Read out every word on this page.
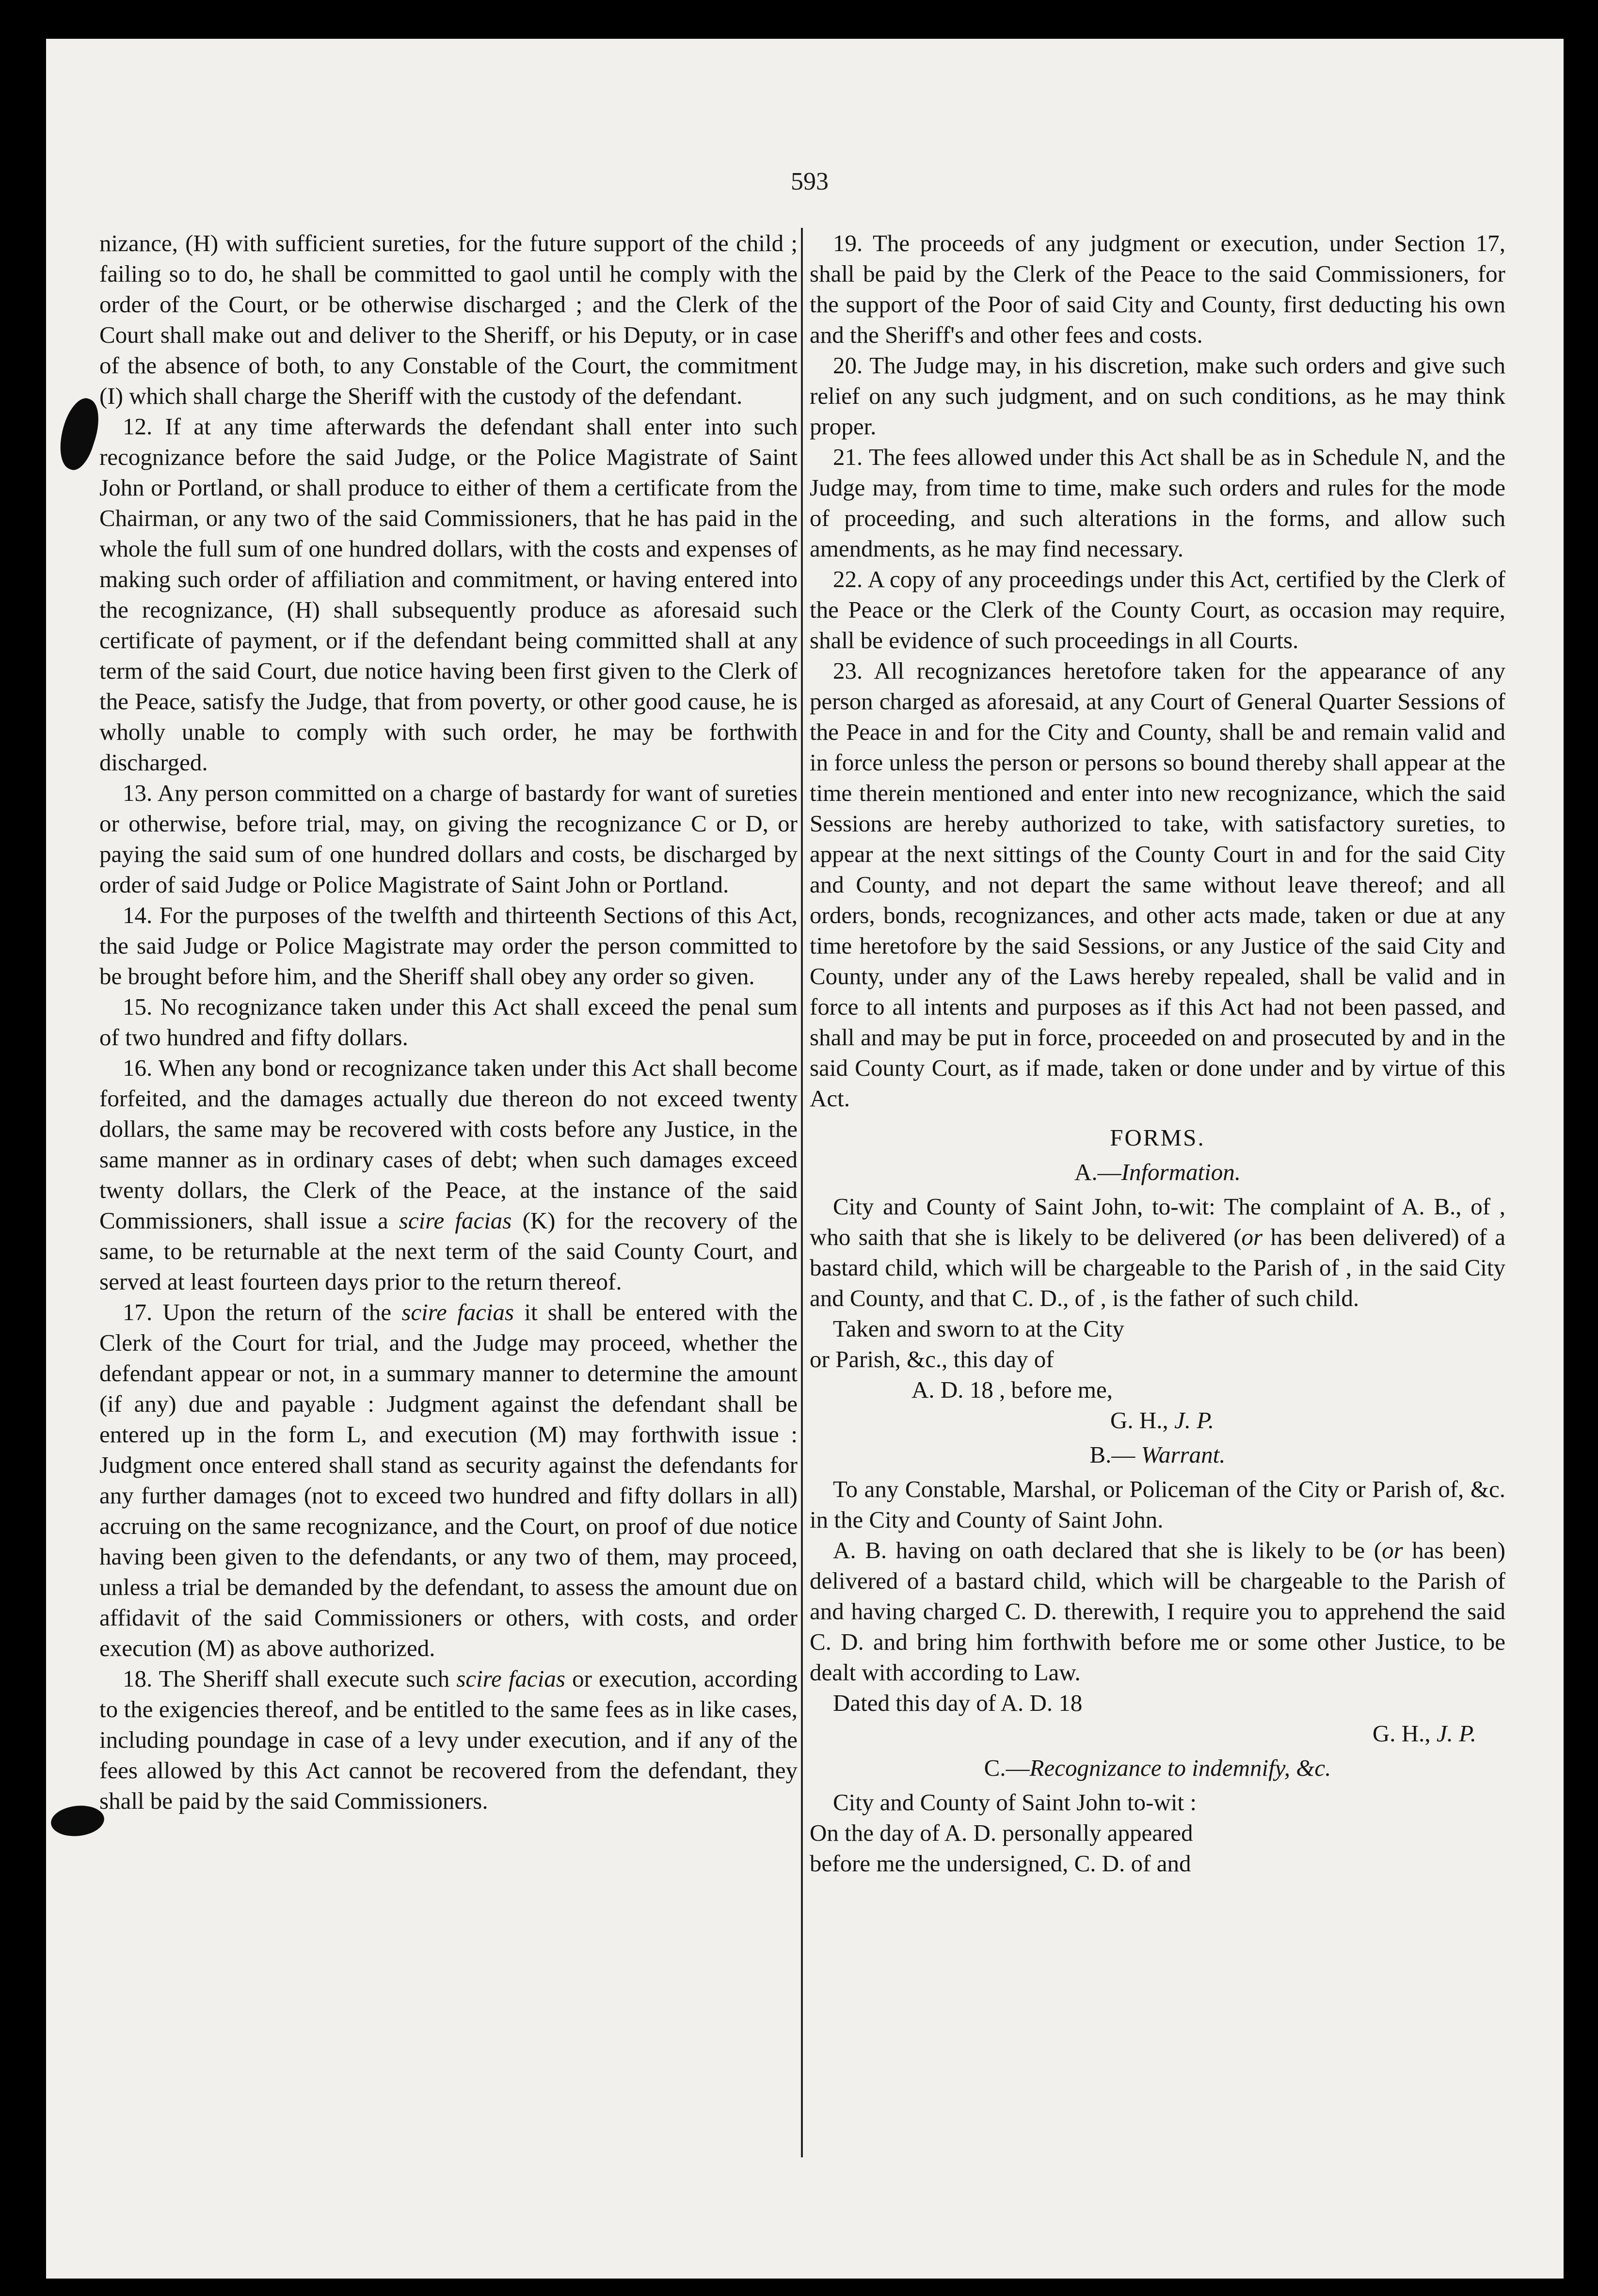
593

nizance, (H) with sufficient sureties, for the future support of the child ; failing so to do, he shall be committed to gaol until he comply with the order of the Court, or be otherwise discharged ; and the Clerk of the Court shall make out and deliver to the Sheriff, or his Deputy, or in case of the absence of both, to any Constable of the Court, the commitment (I) which shall charge the Sheriff with the custody of the defendant.

12. If at any time afterwards the defendant shall enter into such recognizance before the said Judge, or the Police Magistrate of Saint John or Portland, or shall produce to either of them a certificate from the Chairman, or any two of the said Commissioners, that he has paid in the whole the full sum of one hundred dollars, with the costs and expenses of making such order of affiliation and commitment, or having entered into the recognizance, (H) shall subsequently produce as aforesaid such certificate of payment, or if the defendant being committed shall at any term of the said Court, due notice having been first given to the Clerk of the Peace, satisfy the Judge, that from poverty, or other good cause, he is wholly unable to comply with such order, he may be forthwith discharged.

13. Any person committed on a charge of bastardy for want of sureties or otherwise, before trial, may, on giving the recognizance C or D, or paying the said sum of one hundred dollars and costs, be discharged by order of said Judge or Police Magistrate of Saint John or Portland.

14. For the purposes of the twelfth and thirteenth Sections of this Act, the said Judge or Police Magistrate may order the person committed to be brought before him, and the Sheriff shall obey any order so given.

15. No recognizance taken under this Act shall exceed the penal sum of two hundred and fifty dollars.

16. When any bond or recognizance taken under this Act shall become forfeited, and the damages actually due thereon do not exceed twenty dollars, the same may be recovered with costs before any Justice, in the same manner as in ordinary cases of debt; when such damages exceed twenty dollars, the Clerk of the Peace, at the instance of the said Commissioners, shall issue a scire facias (K) for the recovery of the same, to be returnable at the next term of the said County Court, and served at least fourteen days prior to the return thereof.

17. Upon the return of the scire facias it shall be entered with the Clerk of the Court for trial, and the Judge may proceed, whether the defendant appear or not, in a summary manner to determine the amount (if any) due and payable : Judgment against the defendant shall be entered up in the form L, and execution (M) may forthwith issue : Judgment once entered shall stand as security against the defendants for any further damages (not to exceed two hundred and fifty dollars in all) accruing on the same recognizance, and the Court, on proof of due notice having been given to the defendants, or any two of them, may proceed, unless a trial be demanded by the defendant, to assess the amount due on affidavit of the said Commissioners or others, with costs, and order execution (M) as above authorized.

18. The Sheriff shall execute such scire facias or execution, according to the exigencies thereof, and be entitled to the same fees as in like cases, including poundage in case of a levy under execution, and if any of the fees allowed by this Act cannot be recovered from the defendant, they shall be paid by the said Commissioners.

19. The proceeds of any judgment or execution, under Section 17, shall be paid by the Clerk of the Peace to the said Commissioners, for the support of the Poor of said City and County, first deducting his own and the Sheriff's and other fees and costs.

20. The Judge may, in his discretion, make such orders and give such relief on any such judgment, and on such conditions, as he may think proper.

21. The fees allowed under this Act shall be as in Schedule N, and the Judge may, from time to time, make such orders and rules for the mode of proceeding, and such alterations in the forms, and allow such amendments, as he may find necessary.

22. A copy of any proceedings under this Act, certified by the Clerk of the Peace or the Clerk of the County Court, as occasion may require, shall be evidence of such proceedings in all Courts.

23. All recognizances heretofore taken for the appearance of any person charged as aforesaid, at any Court of General Quarter Sessions of the Peace in and for the City and County, shall be and remain valid and in force unless the person or persons so bound thereby shall appear at the time therein mentioned and enter into new recognizance, which the said Sessions are hereby authorized to take, with satisfactory sureties, to appear at the next sittings of the County Court in and for the said City and County, and not depart the same without leave thereof; and all orders, bonds, recognizances, and other acts made, taken or due at any time heretofore by the said Sessions, or any Justice of the said City and County, under any of the Laws hereby repealed, shall be valid and in force to all intents and purposes as if this Act had not been passed, and shall and may be put in force, proceeded on and prosecuted by and in the said County Court, as if made, taken or done under and by virtue of this Act.

FORMS.
A.—Information.

City and County of Saint John, to-wit: The complaint of A. B., of , who saith that she is likely to be delivered (or has been delivered) of a bastard child, which will be chargeable to the Parish of , in the said City and County, and that C. D., of , is the father of such child.

Taken and sworn to at the City

or Parish, &c., this day of

A. D. 18 , before me,

G. H., J. P.

B.— Warrant.

To any Constable, Marshal, or Policeman of the City or Parish of, &c. in the City and County of Saint John.

A. B. having on oath declared that she is likely to be (or has been) delivered of a bastard child, which will be chargeable to the Parish of and having charged C. D. therewith, I require you to apprehend the said C. D. and bring him forthwith before me or some other Justice, to be dealt with according to Law.

Dated this day of A. D. 18

G. H., J. P.

C.—Recognizance to indemnify, &c.

City and County of Saint John to-wit :

On the day of A. D. personally appeared

before me the undersigned, C. D. of and
